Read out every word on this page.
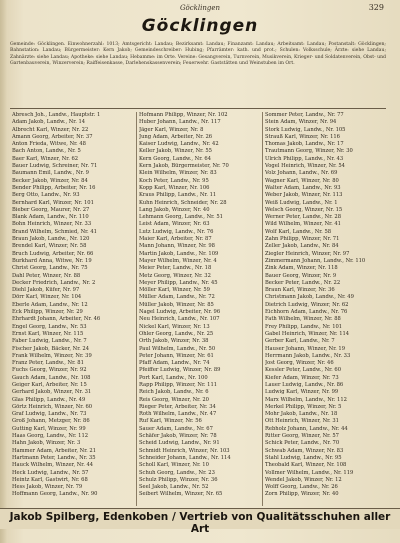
Göcklingen	329
Göcklingen
Gemeinde: Göcklingen. Einwohnerzahl: 1013; Amtsgericht: Landau; Bezirksamt: Landau; Finanzamt: Landau; Arbeitsamt: Landau; Postanstalt: Göcklingen; Bahnstation: Landau; Bürgermeister: Kern Jakob; Gemeindeschreiber: Hubing; Pfarrämter: kath. und prot.; Schulen: Volksschule; Ärzte: siehe Landau; Zahnärzte: siehe Landau; Apotheke: siehe Landau; Hebamme: im Orte. Vereine: Gesangverein, Turnverein, Musikverein, Krieger- und Soldatenverein, Obst- und Gartenbauverein, Winzerverein; Raiffeisenkasse, Darlehenskassenverein; Feuerwehr. Gaststätten und Weinstuben im Ort.
Abresch Joh., Landw., Hauptstr. 1
Adam Jakob, Landw., Nr. 14
Albrecht Karl, Winzer, Nr. 22
Amann Georg, Arbeiter, Nr. 37
Anton Frieda, Witwe, Nr. 48
Bach Anton, Landw., Nr. 5
Baer Karl, Winzer, Nr. 62
Bauer Ludwig, Schreiner, Nr. 71
Baumann Emil, Landw., Nr. 9
Becker Jakob, Winzer, Nr. 84
Bender Philipp, Arbeiter, Nr. 16
Berg Otto, Landw., Nr. 93
Bernhard Karl, Winzer, Nr. 101
Bieber Georg, Maurer, Nr. 27
Blank Adam, Landw., Nr. 110
Bohn Heinrich, Winzer, Nr. 33
Brand Wilhelm, Schmied, Nr. 41
Braun Jakob, Landw., Nr. 120
Brendel Karl, Winzer, Nr. 58
Bruch Ludwig, Arbeiter, Nr. 66
Burkhard Anna, Witwe, Nr. 19
Christ Georg, Landw., Nr. 75
Dahl Peter, Winzer, Nr. 88
Decker Friedrich, Landw., Nr. 2
Diehl Jakob, Küfer, Nr. 97
Dörr Karl, Winzer, Nr. 104
Eberle Adam, Landw., Nr. 12
Eck Philipp, Winzer, Nr. 29
Ehrhardt Johann, Arbeiter, Nr. 46
Engel Georg, Landw., Nr. 53
Ernst Karl, Winzer, Nr. 115
Faber Ludwig, Landw., Nr. 7
Fischer Jakob, Bäcker, Nr. 24
Frank Wilhelm, Winzer, Nr. 39
Franz Peter, Landw., Nr. 81
Fuchs Georg, Winzer, Nr. 92
Gauch Adam, Landw., Nr. 108
Geiger Karl, Arbeiter, Nr. 15
Gerhard Jakob, Winzer, Nr. 31
Glas Philipp, Landw., Nr. 49
Görtz Heinrich, Winzer, Nr. 60
Graf Ludwig, Landw., Nr. 73
Groß Johann, Metzger, Nr. 86
Gutting Karl, Winzer, Nr. 99
Haas Georg, Landw., Nr. 112
Hahn Jakob, Winzer, Nr. 3
Hammer Adam, Arbeiter, Nr. 21
Hartmann Peter, Landw., Nr. 35
Hauck Wilhelm, Winzer, Nr. 44
Heck Ludwig, Landw., Nr. 57
Heintz Karl, Gastwirt, Nr. 68
Hess Jakob, Winzer, Nr. 79
Hoffmann Georg, Landw., Nr. 90
Hofmann Philipp, Winzer, Nr. 102
Huber Johann, Landw., Nr. 117
Jäger Karl, Winzer, Nr. 8
Jung Adam, Arbeiter, Nr. 26
Kaiser Ludwig, Landw., Nr. 42
Keller Jakob, Winzer, Nr. 55
Kern Georg, Landw., Nr. 64
Kern Jakob, Bürgermeister, Nr. 70
Klein Wilhelm, Winzer, Nr. 83
Koch Peter, Landw., Nr. 95
Kopp Karl, Winzer, Nr. 106
Kraus Philipp, Landw., Nr. 11
Kuhn Heinrich, Schneider, Nr. 28
Lang Jakob, Winzer, Nr. 40
Lehmann Georg, Landw., Nr. 51
Leist Adam, Winzer, Nr. 63
Lutz Ludwig, Landw., Nr. 76
Maier Karl, Arbeiter, Nr. 87
Mann Johann, Winzer, Nr. 98
Martin Jakob, Landw., Nr. 109
Mayer Wilhelm, Winzer, Nr. 4
Meier Peter, Landw., Nr. 18
Metz Georg, Winzer, Nr. 32
Meyer Philipp, Landw., Nr. 45
Möller Karl, Winzer, Nr. 59
Müller Adam, Landw., Nr. 72
Müller Jakob, Winzer, Nr. 85
Nagel Ludwig, Arbeiter, Nr. 96
Neu Heinrich, Landw., Nr. 107
Nickel Karl, Winzer, Nr. 13
Ohler Georg, Landw., Nr. 25
Orth Jakob, Winzer, Nr. 38
Paul Wilhelm, Landw., Nr. 50
Peter Johann, Winzer, Nr. 61
Pfaff Adam, Landw., Nr. 74
Pfeiffer Ludwig, Winzer, Nr. 89
Port Karl, Landw., Nr. 100
Rapp Philipp, Winzer, Nr. 111
Reich Jakob, Landw., Nr. 6
Reis Georg, Winzer, Nr. 20
Rieger Peter, Arbeiter, Nr. 34
Roth Wilhelm, Landw., Nr. 47
Ruf Karl, Winzer, Nr. 56
Sauer Adam, Landw., Nr. 67
Schäfer Jakob, Winzer, Nr. 78
Scheid Ludwig, Landw., Nr. 91
Schmidt Heinrich, Winzer, Nr. 103
Schneider Johann, Landw., Nr. 114
Scholl Karl, Winzer, Nr. 10
Schuh Georg, Landw., Nr. 23
Schulz Philipp, Winzer, Nr. 36
Seel Jakob, Landw., Nr. 52
Seibert Wilhelm, Winzer, Nr. 65
Sommer Peter, Landw., Nr. 77
Stein Adam, Winzer, Nr. 94
Stork Ludwig, Landw., Nr. 105
Strauß Karl, Winzer, Nr. 116
Thomas Jakob, Landw., Nr. 17
Trautmann Georg, Winzer, Nr. 30
Ulrich Philipp, Landw., Nr. 43
Vogel Heinrich, Winzer, Nr. 54
Volz Johann, Landw., Nr. 69
Wagner Karl, Winzer, Nr. 80
Walter Adam, Landw., Nr. 93
Weber Jakob, Winzer, Nr. 113
Weiß Ludwig, Landw., Nr. 1
Welsch Georg, Winzer, Nr. 15
Werner Peter, Landw., Nr. 28
Wild Wilhelm, Winzer, Nr. 41
Wolf Karl, Landw., Nr. 58
Zahn Philipp, Winzer, Nr. 71
Zeller Jakob, Landw., Nr. 84
Ziegler Heinrich, Winzer, Nr. 97
Zimmermann Johann, Landw., Nr. 110
Zink Adam, Winzer, Nr. 118
Bauer Georg, Winzer, Nr. 9
Becker Peter, Landw., Nr. 22
Braun Karl, Winzer, Nr. 36
Christmann Jakob, Landw., Nr. 49
Dietrich Ludwig, Winzer, Nr. 62
Eichhorn Adam, Landw., Nr. 76
Fath Wilhelm, Winzer, Nr. 88
Frey Philipp, Landw., Nr. 101
Gabel Heinrich, Winzer, Nr. 114
Gerber Karl, Landw., Nr. 7
Hauser Johann, Winzer, Nr. 19
Herrmann Jakob, Landw., Nr. 33
Jost Georg, Winzer, Nr. 46
Kessler Peter, Landw., Nr. 60
Kiefer Adam, Winzer, Nr. 73
Lauer Ludwig, Landw., Nr. 86
Ludwig Karl, Winzer, Nr. 99
Marx Wilhelm, Landw., Nr. 112
Merkel Philipp, Winzer, Nr. 5
Mohr Jakob, Landw., Nr. 18
Ott Heinrich, Winzer, Nr. 31
Rebholz Johann, Landw., Nr. 44
Ritter Georg, Winzer, Nr. 57
Schick Peter, Landw., Nr. 70
Schwab Adam, Winzer, Nr. 83
Stahl Ludwig, Landw., Nr. 95
Theobald Karl, Winzer, Nr. 108
Vollmer Wilhelm, Landw., Nr. 119
Wendel Jakob, Winzer, Nr. 12
Wolff Georg, Landw., Nr. 26
Zorn Philipp, Winzer, Nr. 40
Jakob Spilberg, Edenkoben / Vertrieb von Qualitätsschuhen aller Art
